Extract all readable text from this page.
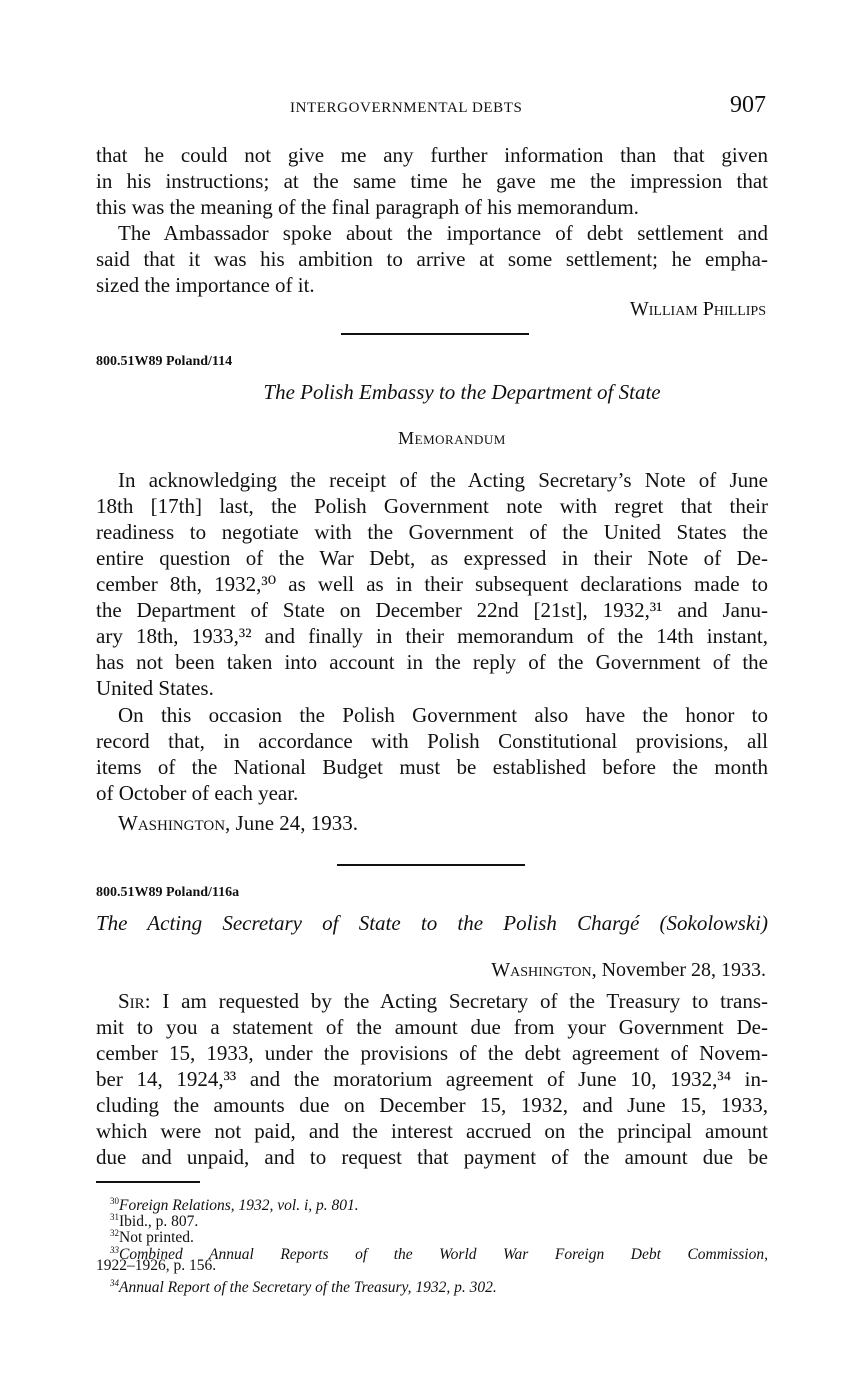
INTERGOVERNMENTAL DEBTS	907

that he could not give me any further information than that given

in his instructions; at the same time he gave me the impression that

this was the meaning of the final paragraph of his memorandum.

The Ambassador spoke about the importance of debt settlement and

said that it was his ambition to arrive at some settlement; he empha-

sized the importance of it.

William Phillips
800.51W89 Poland/114
The Polish Embassy to the Department of State
Memorandum

In acknowledging the receipt of the Acting Secretary’s Note of June

18th [17th] last, the Polish Government note with regret that their

readiness to negotiate with the Government of the United States the

entire question of the War Debt, as expressed in their Note of De-

cember 8th, 1932,³⁰ as well as in their subsequent declarations made to

the Department of State on December 22nd [21st], 1932,³¹ and Janu-

ary 18th, 1933,³² and finally in their memorandum of the 14th instant,

has not been taken into account in the reply of the Government of the

United States.

On this occasion the Polish Government also have the honor to

record that, in accordance with Polish Constitutional provisions, all

items of the National Budget must be established before the month

of October of each year.

Washington, June 24, 1933.

800.51W89 Poland/116a
The Acting Secretary of State to the Polish Chargé (Sokolowski)
Washington, November 28, 1933.

Sir: I am requested by the Acting Secretary of the Treasury to trans-

mit to you a statement of the amount due from your Government De-

cember 15, 1933, under the provisions of the debt agreement of Novem-

ber 14, 1924,³³ and the moratorium agreement of June 10, 1932,³⁴ in-

cluding the amounts due on December 15, 1932, and June 15, 1933,

which were not paid, and the interest accrued on the principal amount

due and unpaid, and to request that payment of the amount due be

$^{30}$Foreign Relations, 1932, vol. i, p. 801.

$^{31}$Ibid., p. 807.

$^{32}$Not printed.

$^{33}$Combined Annual Reports of the World War Foreign Debt Commission,

1922–1926, p. 156.

$^{34}$Annual Report of the Secretary of the Treasury, 1932, p. 302.
